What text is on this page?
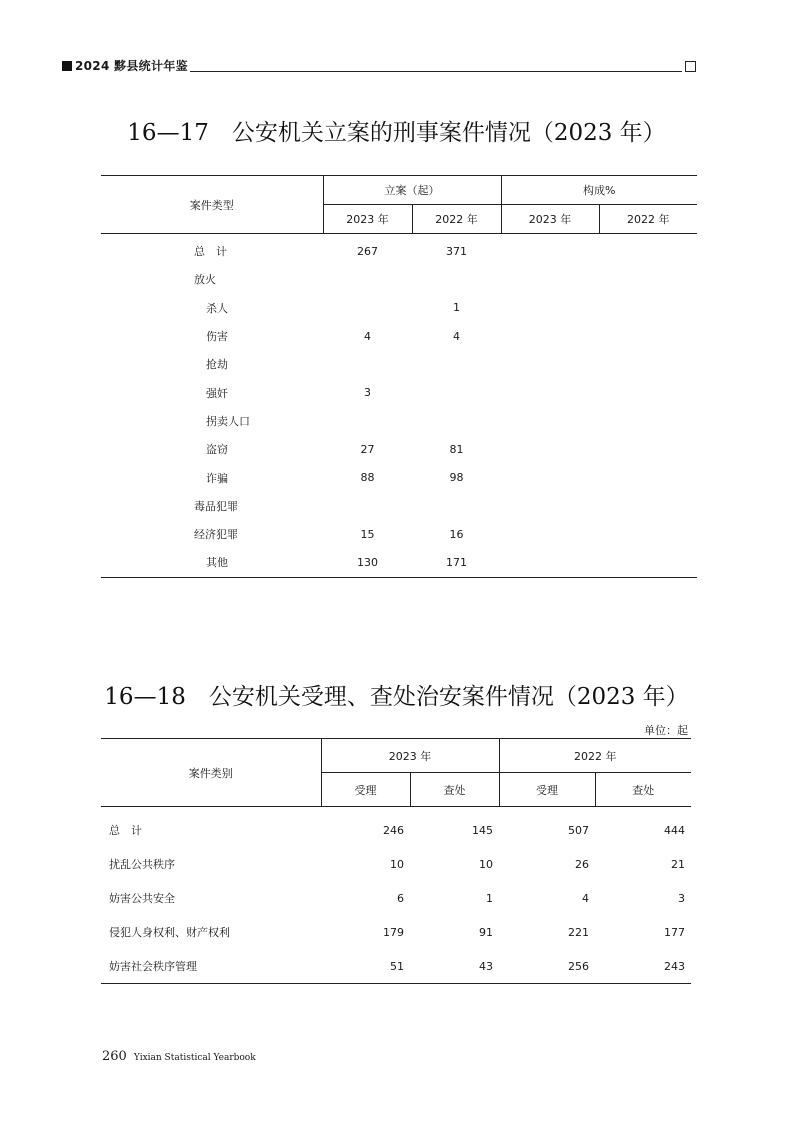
2024 黟县统计年鉴
16—17　公安机关立案的刑事案件情况（2023 年）
案件类型	立案（起）		构成%	
	2023 年	2022 年	2023 年	2022 年
总　计	267	371		
放火				
杀人		1		
伤害	4	4		
抢劫				
强奸	3			
拐卖人口				
盗窃	27	81		
诈骗	88	98		
毒品犯罪				
经济犯罪	15	16		
其他	130	171		
16—18　公安机关受理、查处治安案件情况（2023 年）
单位：起
案件类别	2023 年		2022 年	
	受理	查处	受理	查处
总　计	246	145	507	444
扰乱公共秩序	10	10	26	21
妨害公共安全	6	1	4	3
侵犯人身权利、财产权利	179	91	221	177
妨害社会秩序管理	51	43	256	243
260 Yixian Statistical Yearbook
